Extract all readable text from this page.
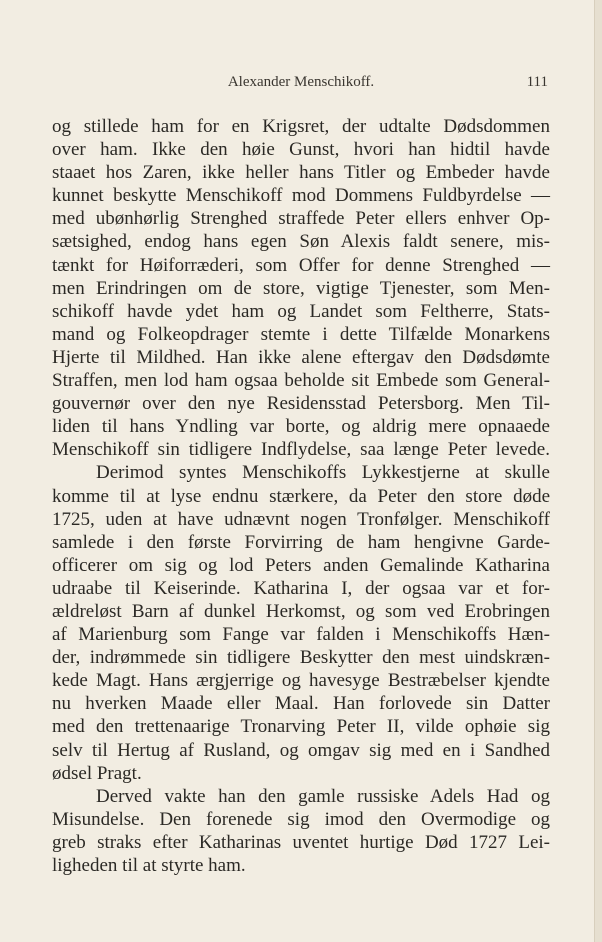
Alexander Menschikoff.	111
og stillede ham for en Krigsret, der udtalte Dødsdommen
over ham. Ikke den høie Gunst, hvori han hidtil havde
staaet hos Zaren, ikke heller hans Titler og Embeder havde
kunnet beskytte Menschikoff mod Dommens Fuldbyrdelse —
med ubønhørlig Strenghed straffede Peter ellers enhver Op-
sætsighed, endog hans egen Søn Alexis faldt senere, mis-
tænkt for Høiforræderi, som Offer for denne Strenghed —
men Erindringen om de store, vigtige Tjenester, som Men-
schikoff havde ydet ham og Landet som Feltherre, Stats-
mand og Folkeopdrager stemte i dette Tilfælde Monarkens
Hjerte til Mildhed. Han ikke alene eftergav den Dødsdømte
Straffen, men lod ham ogsaa beholde sit Embede som General-
gouvernør over den nye Residensstad Petersborg. Men Til-
liden til hans Yndling var borte, og aldrig mere opnaaede
Menschikoff sin tidligere Indflydelse, saa længe Peter levede.
Derimod syntes Menschikoffs Lykkestjerne at skulle
komme til at lyse endnu stærkere, da Peter den store døde
1725, uden at have udnævnt nogen Tronfølger. Menschikoff
samlede i den første Forvirring de ham hengivne Garde-
officerer om sig og lod Peters anden Gemalinde Katharina
udraabe til Keiserinde. Katharina I, der ogsaa var et for-
ældreløst Barn af dunkel Herkomst, og som ved Erobringen
af Marienburg som Fange var falden i Menschikoffs Hæn-
der, indrømmede sin tidligere Beskytter den mest uindskræn-
kede Magt. Hans ærgjerrige og havesyge Bestræbelser kjendte
nu hverken Maade eller Maal. Han forlovede sin Datter
med den trettenaarige Tronarving Peter II, vilde ophøie sig
selv til Hertug af Rusland, og omgav sig med en i Sandhed
ødsel Pragt.
Derved vakte han den gamle russiske Adels Had og
Misundelse. Den forenede sig imod den Overmodige og
greb straks efter Katharinas uventet hurtige Død 1727 Lei-
ligheden til at styrte ham.
